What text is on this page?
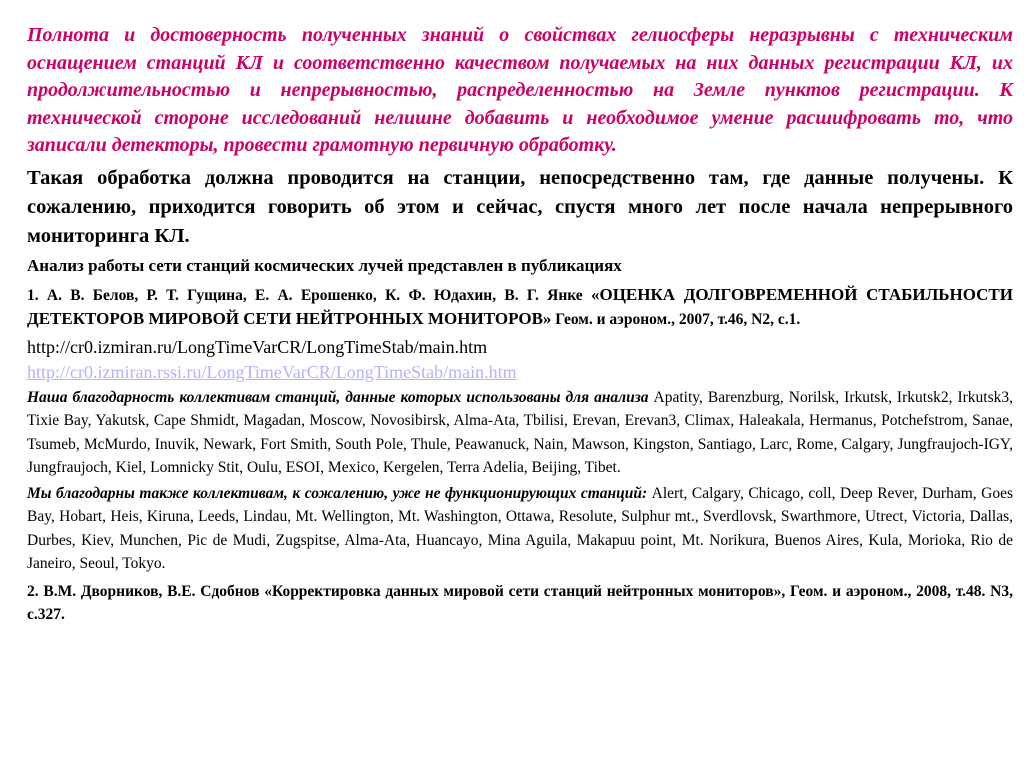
Полнота и достоверность полученных знаний о свойствах гелиосферы неразрывны с техническим оснащением станций КЛ и соответственно качеством получаемых на них данных регистрации КЛ, их продолжительностью и непрерывностью, распределенностью на Земле пунктов регистрации. К технической стороне исследований нелишне добавить и необходимое умение расшифровать то, что записали детекторы, провести грамотную первичную обработку.

Такая обработка должна проводится на станции, непосредственно там, где данные получены. К сожалению, приходится говорить об этом и сейчас, спустя много лет после начала непрерывного мониторинга КЛ.

Анализ работы сети станций космических лучей представлен в публикациях

1. А. В. Белов, Р. Т. Гущина, Е. А. Ерошенко, К. Ф. Юдахин, В. Г. Янке «ОЦЕНКА ДОЛГОВРЕМЕННОЙ СТАБИЛЬНОСТИ ДЕТЕКТОРОВ МИРОВОЙ СЕТИ НЕЙТРОННЫХ МОНИТОРОВ» Геом. и аэроном., 2007, т.46, N2, с.1.

http://cr0.izmiran.ru/LongTimeVarCR/LongTimeStab/main.htm

http://cr0.izmiran.rssi.ru/LongTimeVarCR/LongTimeStab/main.htm

Наша благодарность коллективам станций, данные которых использованы для анализа Apatity, Barenzburg, Norilsk, Irkutsk, Irkutsk2, Irkutsk3, Tixie Bay, Yakutsk, Cape Shmidt, Magadan, Moscow, Novosibirsk, Alma-Ata, Tbilisi, Erevan, Erevan3, Climax, Haleakala, Hermanus, Potchefstrom, Sanae, Tsumeb, McMurdo, Inuvik, Newark, Fort Smith, South Pole, Thule, Peawanuck, Nain, Mawson, Kingston, Santiago, Larc, Rome, Calgary, Jungfraujoch-IGY, Jungfraujoch, Kiel, Lomnicky Stit, Oulu, ESOI, Mexico, Kergelen, Terra Adelia, Beijing, Tibet.

Мы благодарны также коллективам, к сожалению, уже не функционирующих станций: Alert, Calgary, Chicago, coll, Deep Rever, Durham, Goes Bay, Hobart, Heis, Kiruna, Leeds, Lindau, Mt. Wellington, Mt. Washington, Ottawa, Resolute, Sulphur mt., Sverdlovsk, Swarthmore, Utrect, Victoria, Dallas, Durbes, Kiev, Munchen, Pic de Mudi, Zugspitse, Alma-Ata, Huancayo, Mina Aguila, Makapuu point, Mt. Norikura, Buenos Aires, Kula, Morioka, Rio de Janeiro, Seoul, Tokyo.

2. В.М. Дворников, В.Е. Сдобнов «Корректировка данных мировой сети станций нейтронных мониторов», Геом. и аэроном., 2008, т.48. N3, с.327.
